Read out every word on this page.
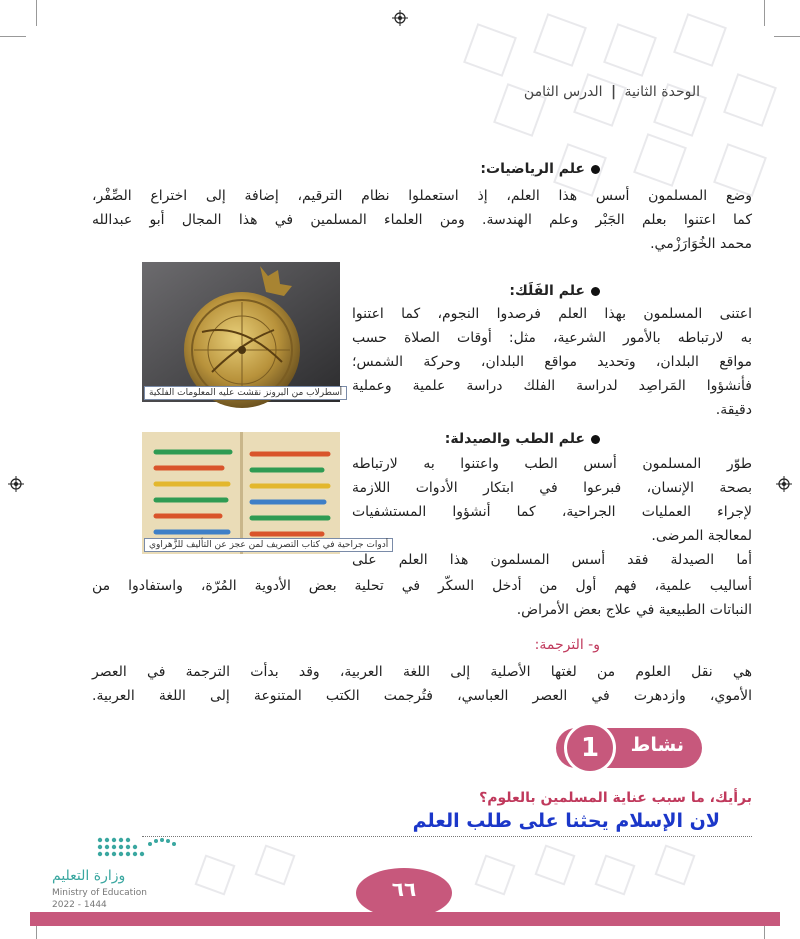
الوحدة الثانية | الدرس الثامن
علم الرياضيات:
وضع المسلمون أسس هذا العلم، إذ استعملوا نظام الترقيم، إضافة إلى اختراع الصِّفْر،
كما اعتنوا بعلم الجَبْر وعلم الهندسة. ومن العلماء المسلمين في هذا المجال أبو عبدالله
محمد الخُوَارَزْمي.
أسطرلاب من البرونز نقشت عليه المعلومات الفلكية
علم الفَلَك:
اعتنى المسلمون بهذا العلم فرصدوا النجوم، كما اعتنوا
به لارتباطه بالأمور الشرعية، مثل: أوقات الصلاة حسب
مواقع البلدان، وتحديد مواقع البلدان، وحركة الشمس؛
فأنشؤوا المَراصِد لدراسة الفلك دراسة علمية وعملية
دقيقة.
أدوات جراحية في كتاب التصريف لمن عجز عن التأليف للزَّهراوي
علم الطب والصيدلة:
طوّر المسلمون أسس الطب واعتنوا به لارتباطه
بصحة الإنسان، فبرعوا في ابتكار الأدوات اللازمة
لإجراء العمليات الجراحية، كما أنشؤوا المستشفيات
لمعالجة المرضى.
أما الصيدلة فقد أسس المسلمون هذا العلم على
أساليب علمية، فهم أول من أدخل السكّر في تحلية بعض الأدوية المُرّة، واستفادوا من
النباتات الطبيعية في علاج بعض الأمراض.
و- الترجمة:
هي نقل العلوم من لغتها الأصلية إلى اللغة العربية، وقد بدأت الترجمة في العصر
الأموي، وازدهرت في العصر العباسي، فتُرجمت الكتب المتنوعة إلى اللغة العربية.
1	نشاط
برأيك، ما سبب عناية المسلمين بالعلوم؟
لان الإسلام يحثنا على طلب العلم
وزارة التعليم
Ministry of Education
2022 - 1444
٦٦
